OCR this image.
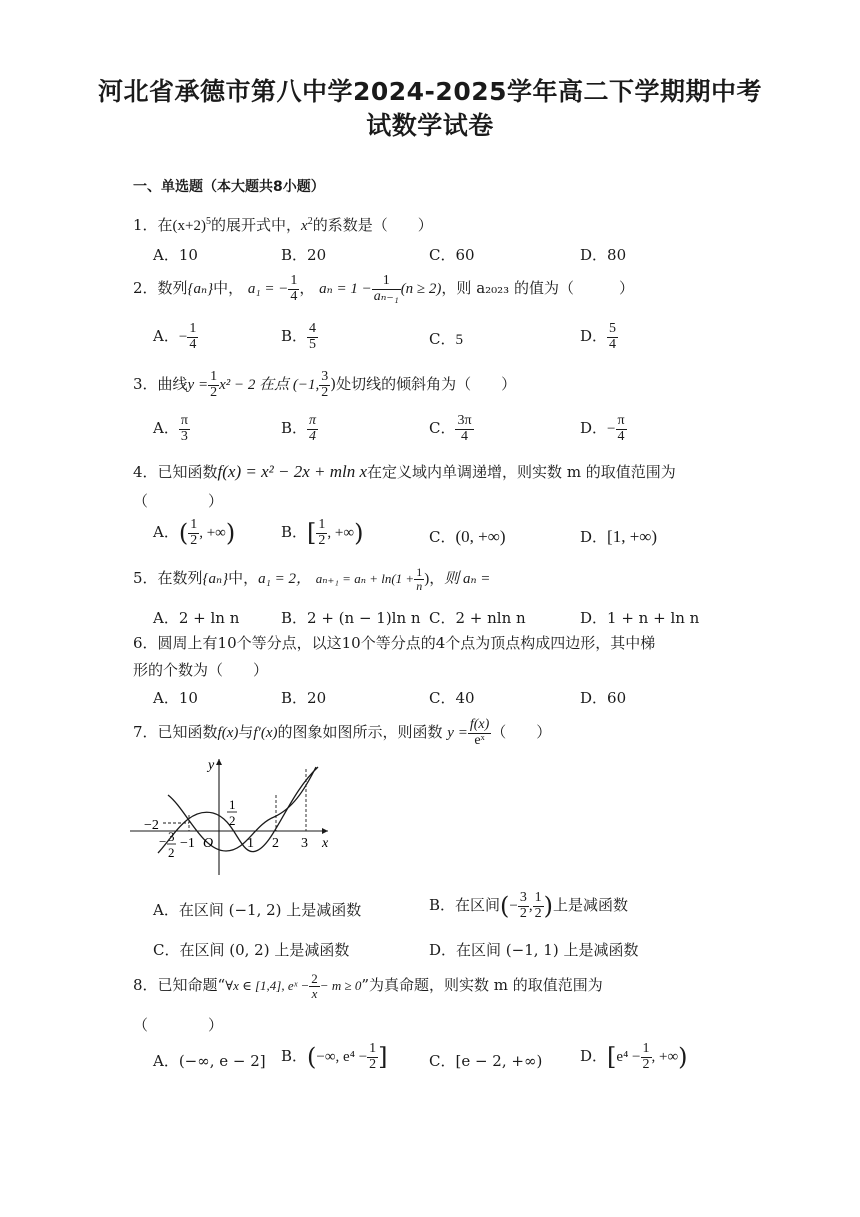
河北省承德市第八中学2024-2025学年高二下学期期中考
试数学试卷
一、单选题（本大题共8小题）
1．在$(x+2)^5$的展开式中，$x^2$的系数是（　　）
A．10	B．20	C．60	D．80
2．数列{aₙ}中， a₁ = − $\frac{1}{4}$ ， $a_n = 1 - \frac{1}{\text{aₙ₋₁}} (n \ge 2)$，则 a₂₀₂₃ 的值为（　　　）
A．− $\frac{1}{4}$	B． $\frac{4}{5}$	C．5	D． $\frac{5}{4}$
3．曲线$y = \frac{1}{2} x^2 - 2$ 在点 (−1, $\frac{3}{2}$ )处切线的倾斜角为（　　）
A． $\frac{\pi}{3}$	B． $\frac{\pi}{4}$	C． $\frac{3\pi}{4}$	D．− $\frac{\pi}{4}$
4．已知函数f(x) = x² − 2x + mln x在定义域内单调递增，则实数 m 的取值范围为
（　　　　）
A．( $\frac{1}{2}$ , +∞)	B．[ $\frac{1}{2}$ , +∞)	C．(0, +∞)	D．[1, +∞)
5．在数列{aₙ}中，a₁ = 2， $a_{n+1} = a_n + \ln(1 + \frac{1}{n}$ )，则 aₙ =
A．2 + ln n	B．2 + (n − 1)ln n C．2 + nln n	D．1 + n + ln n
6．圆周上有10个等分点，以这10个等分点的4个点为顶点构成四边形，其中梯
形的个数为（　　）
A．10	B．20	C．40	D．60
7．已知函数f(x)与f′(x)的图象如图所示，则函数 $y = \frac{f(x)}{\text{eˣ}}$ （　　）
y
x
O
−2
−1	1 2 3
− 3
2
1
2
A．在区间 (−1, 2) 上是减函数	B．在区间(− $\frac{3}{2}$ , $\frac{1}{2}$ )上是减函数
C．在区间 (0, 2) 上是减函数	D．在区间 (−1, 1) 上是减函数
8．已知命题“∀x ∈ [1,4], eˣ − $\frac{2}{x} - m \ge 0$”为真命题，则实数 m 的取值范围为
（　　　　）
A．(−∞, e − 2] B．(−∞, $e^4 - \frac{1}{2}$ ]	C．[e − 2, +∞)	D．[$e^4 - \frac{1}{2}$ , +∞)
